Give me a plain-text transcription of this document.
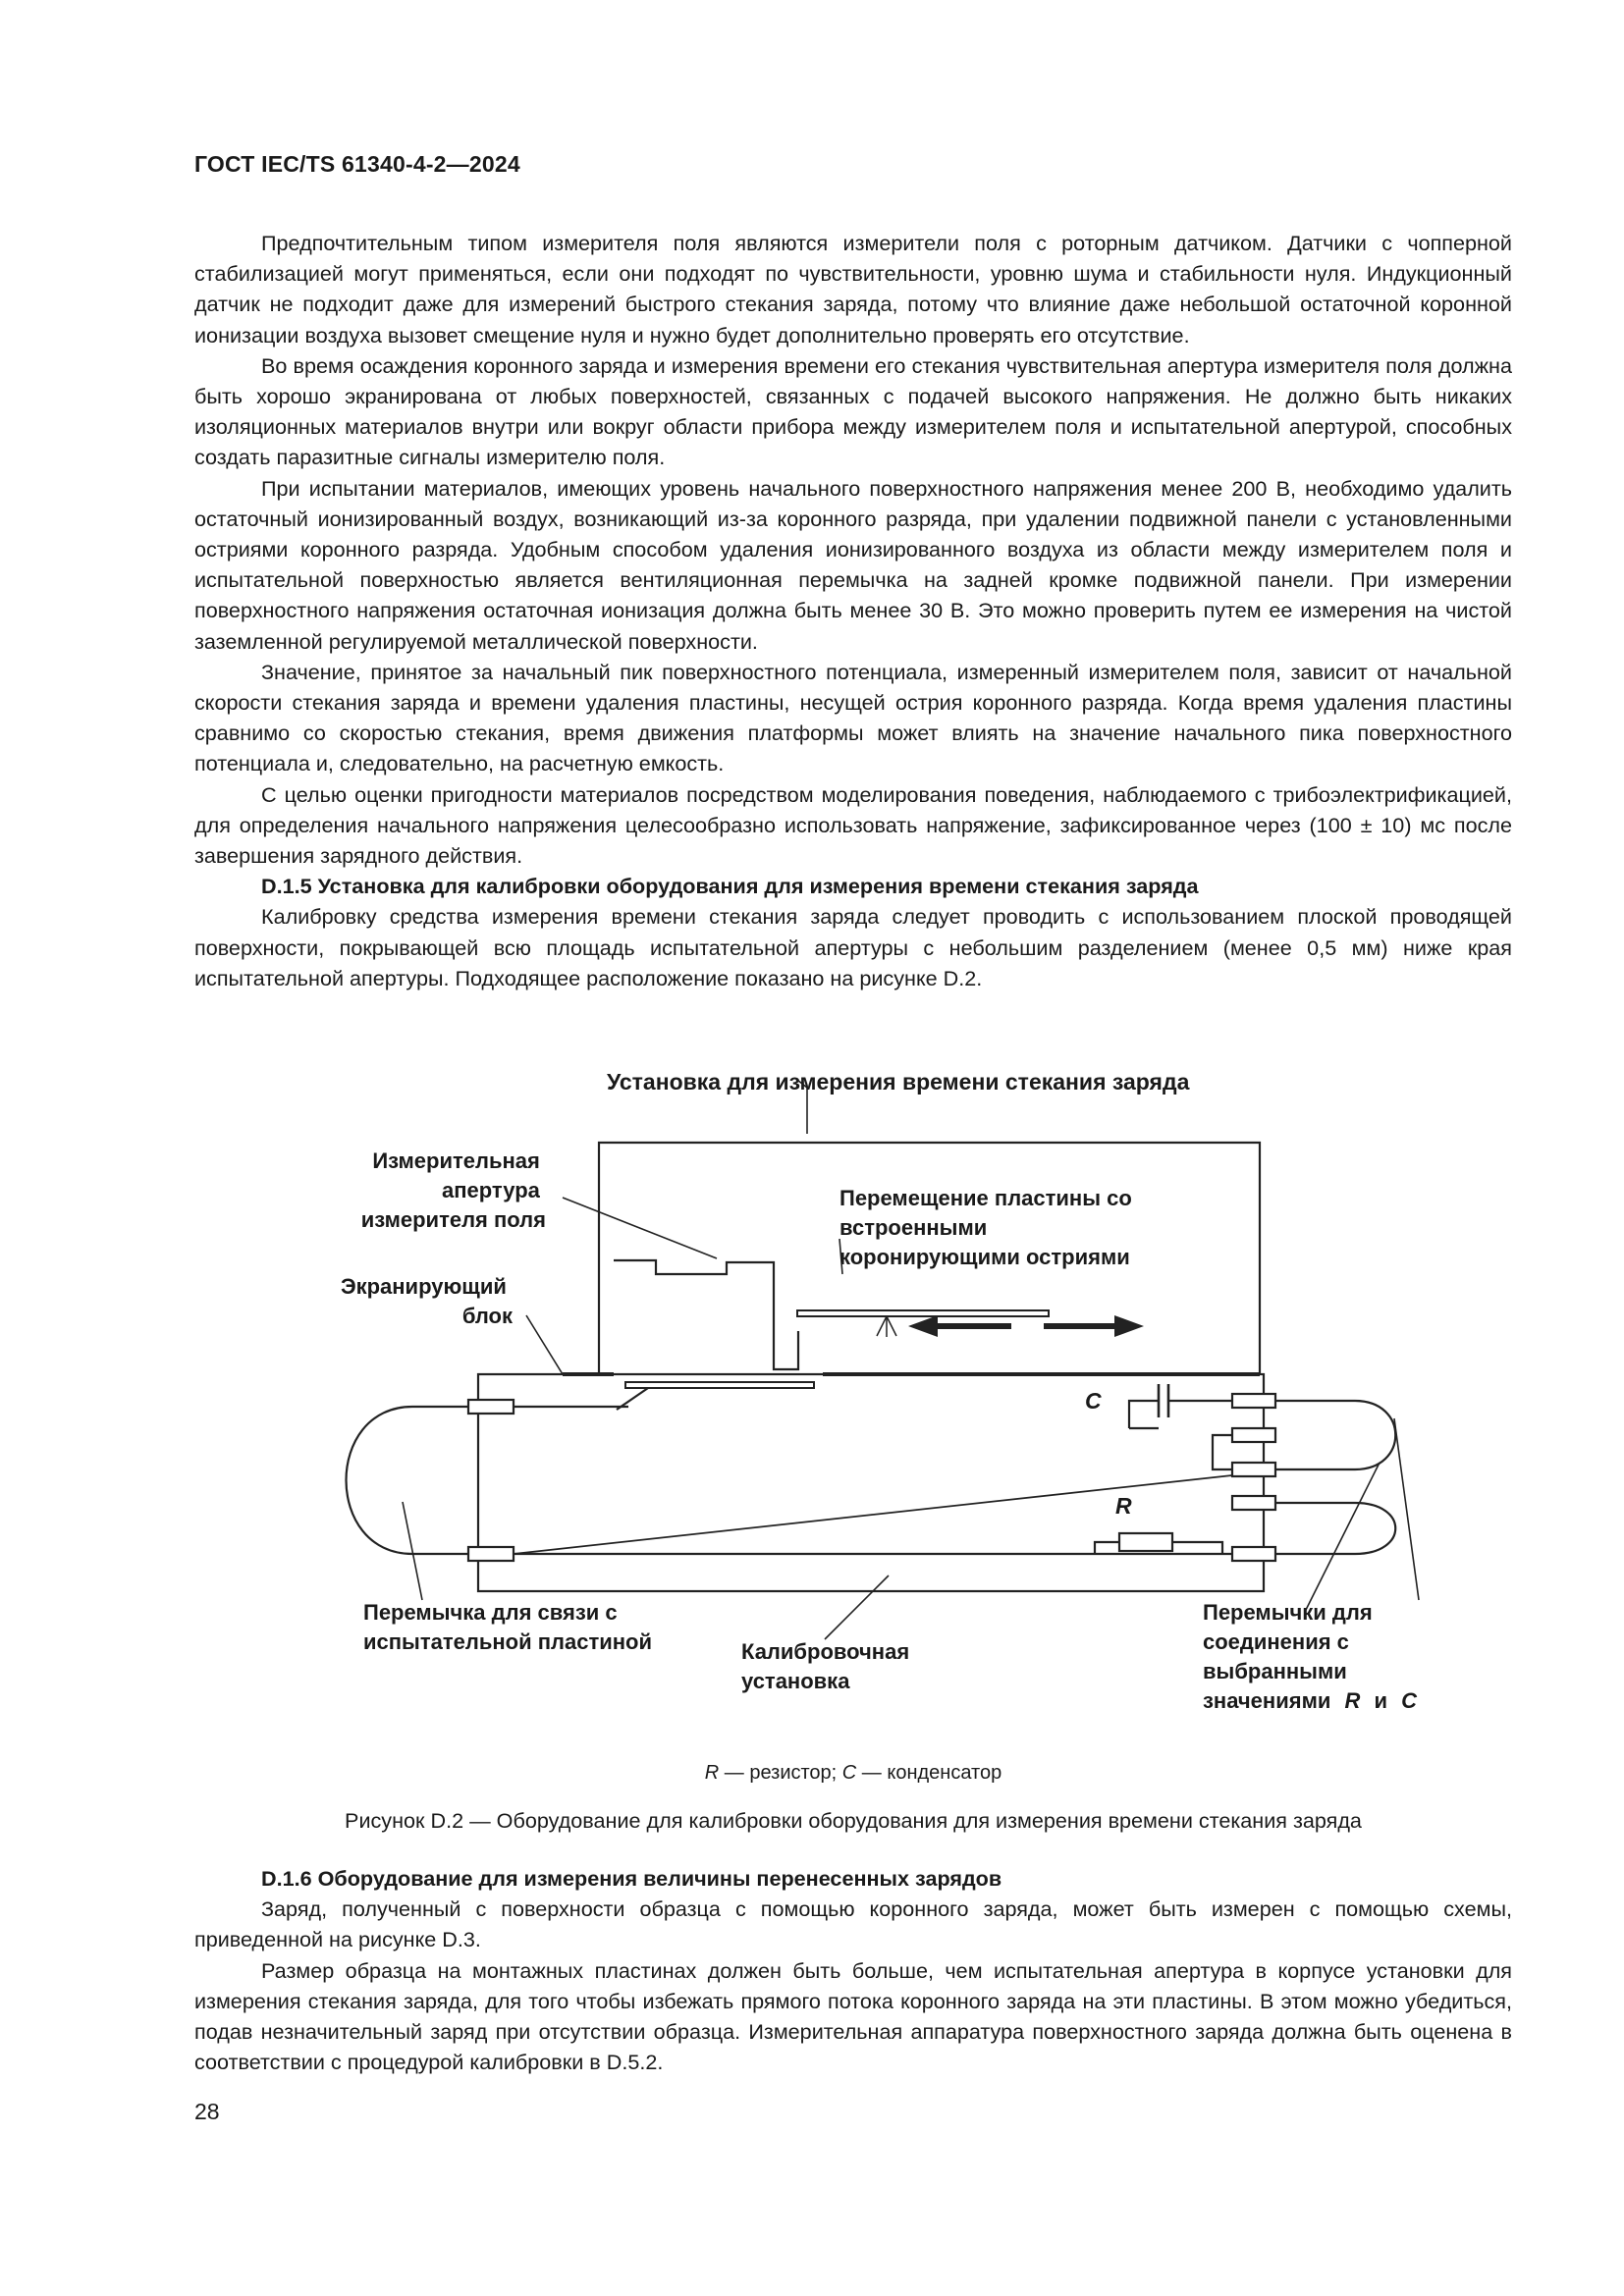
ГОСТ IEC/TS 61340-4-2—2024

Предпочтительным типом измерителя поля являются измерители поля с роторным датчиком. Датчики с чопперной стабилизацией могут применяться, если они подходят по чувствительности, уровню шума и стабильности нуля. Индукционный датчик не подходит даже для измерений быстрого стекания заряда, потому что влияние даже небольшой остаточной коронной ионизации воздуха вызовет смещение нуля и нужно будет дополнительно проверять его отсутствие.

Во время осаждения коронного заряда и измерения времени его стекания чувствительная апертура измерителя поля должна быть хорошо экранирована от любых поверхностей, связанных с подачей высокого напряжения. Не должно быть никаких изоляционных материалов внутри или вокруг области прибора между измерителем поля и испытательной апертурой, способных создать паразитные сигналы измерителю поля.

При испытании материалов, имеющих уровень начального поверхностного напряжения менее 200 В, необходимо удалить остаточный ионизированный воздух, возникающий из-за коронного разряда, при удалении подвижной панели с установленными остриями коронного разряда. Удобным способом удаления ионизированного воздуха из области между измерителем поля и испытательной поверхностью является вентиляционная перемычка на задней кромке подвижной панели. При измерении поверхностного напряжения остаточная ионизация должна быть менее 30 В. Это можно проверить путем ее измерения на чистой заземленной регулируемой металлической поверхности.

Значение, принятое за начальный пик поверхностного потенциала, измеренный измерителем поля, зависит от начальной скорости стекания заряда и времени удаления пластины, несущей острия коронного разряда. Когда время удаления пластины сравнимо со скоростью стекания, время движения платформы может влиять на значение начального пика поверхностного потенциала и, следовательно, на расчетную емкость.

С целью оценки пригодности материалов посредством моделирования поведения, наблюдаемого с трибоэлектрификацией, для определения начального напряжения целесообразно использовать напряжение, зафиксированное через (100 ± 10) мс после завершения зарядного действия.

D.1.5 Установка для калибровки оборудования для измерения времени стекания заряда

Калибровку средства измерения времени стекания заряда следует проводить с использованием плоской проводящей поверхности, покрывающей всю площадь испытательной апертуры с небольшим разделением (менее 0,5 мм) ниже края испытательной апертуры. Подходящее расположение показано на рисунке D.2.

Установка для измерения времени стекания заряда
Измерительная апертура измерителя поля
Экранирующий блок
Перемещение пластины со встроенными коронирующими остриями
C
R
Перемычка для связи с испытательной пластиной	Калибровочная установка
Перемычки для соединения с выбранными значениями R и C
R — резистор; C — конденсатор
Рисунок D.2 — Оборудование для калибровки оборудования для измерения времени стекания заряда

D.1.6 Оборудование для измерения величины перенесенных зарядов

Заряд, полученный с поверхности образца с помощью коронного заряда, может быть измерен с помощью схемы, приведенной на рисунке D.3.

Размер образца на монтажных пластинах должен быть больше, чем испытательная апертура в корпусе установки для измерения стекания заряда, для того чтобы избежать прямого потока коронного заряда на эти пластины. В этом можно убедиться, подав незначительный заряд при отсутствии образца. Измерительная аппаратура поверхностного заряда должна быть оценена в соответствии с процедурой калибровки в D.5.2.

28
